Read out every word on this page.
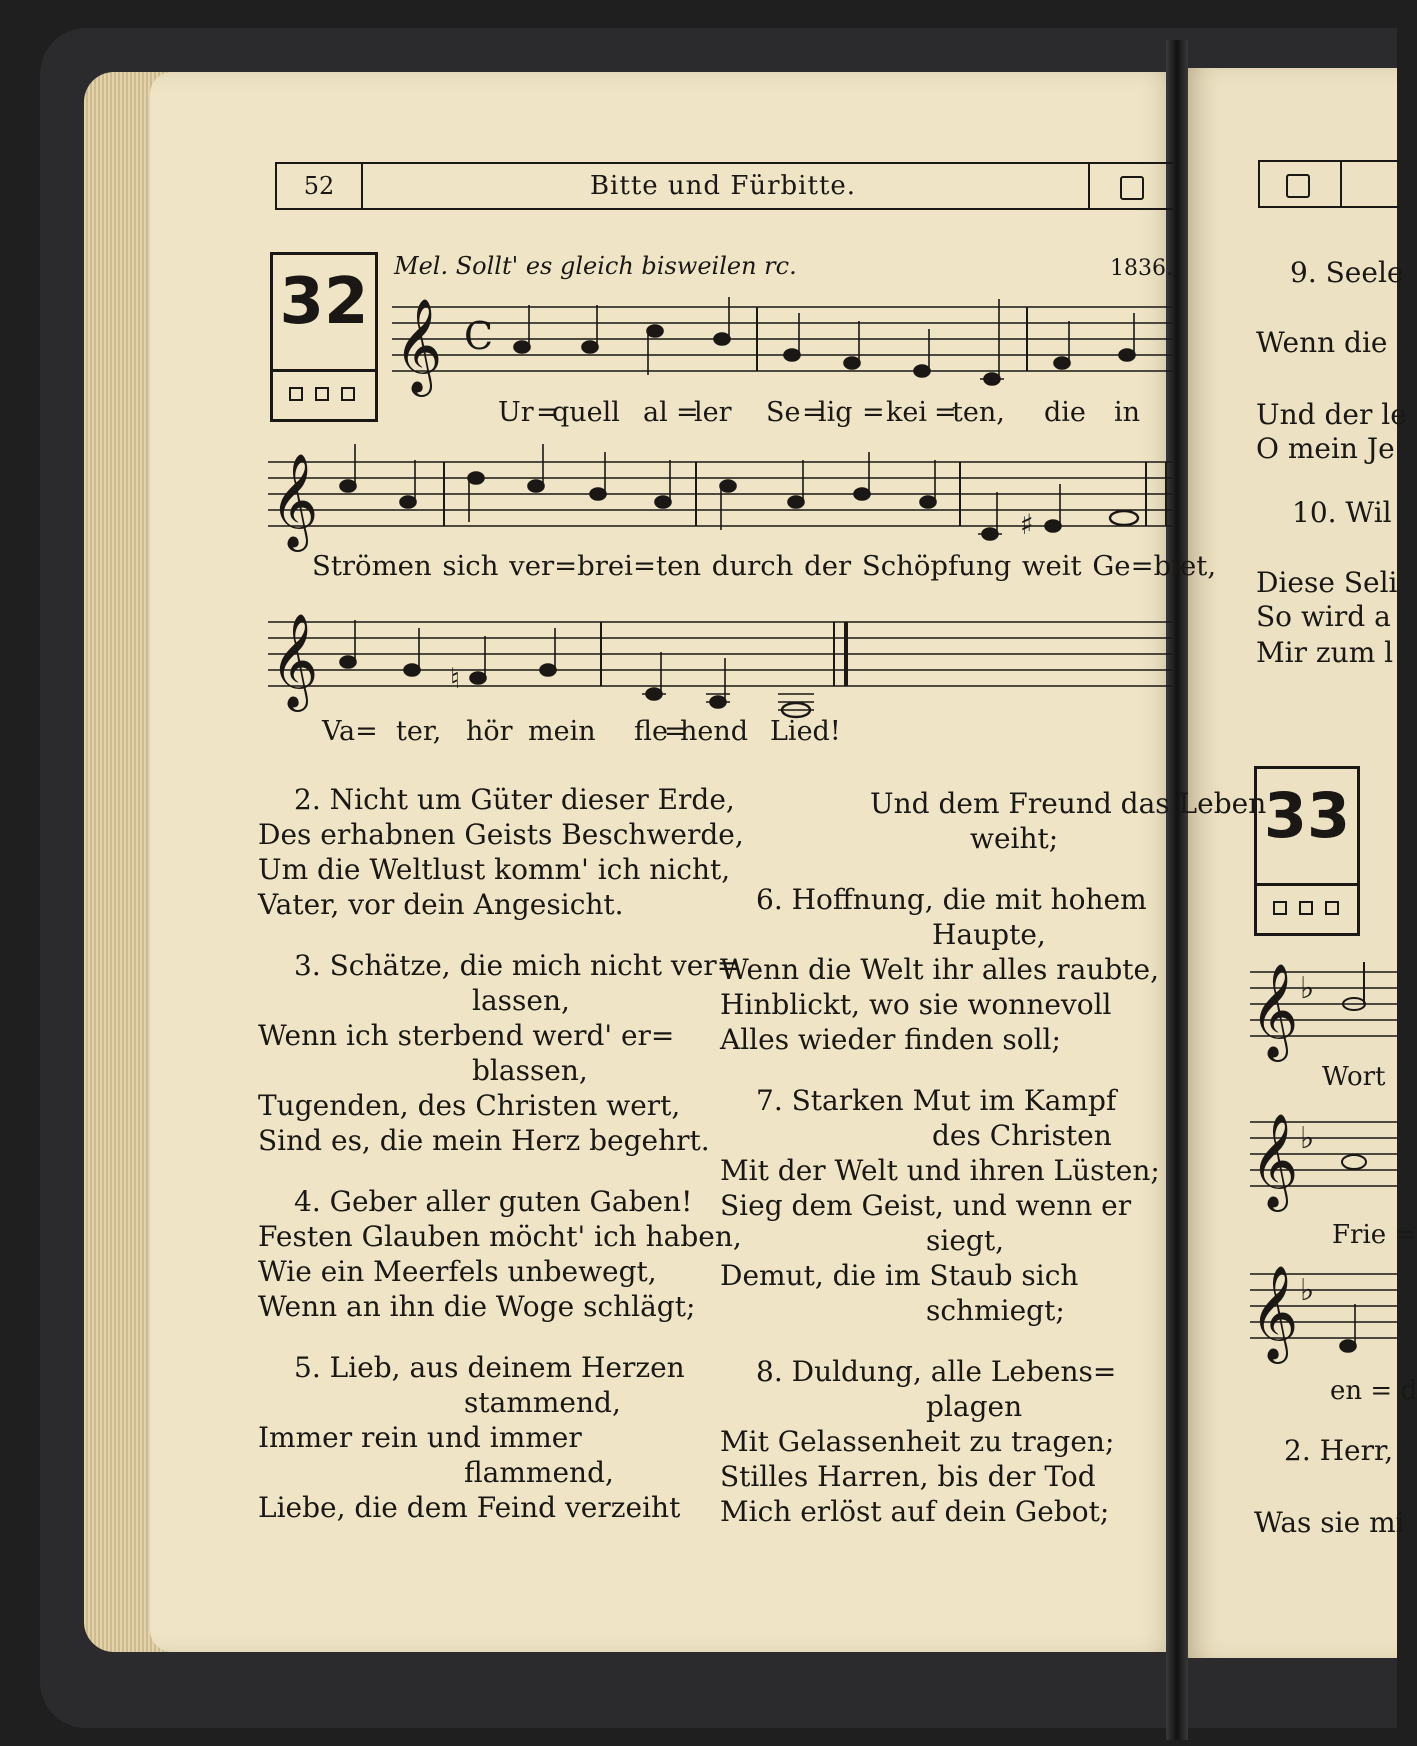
52	Bitte und Fürbitte.
32 Mel. Sollt' es gleich bisweilen ⁠rc.	1836.
𝄞 C
Ur =
quell al =
ler Se =
lig = kei =
ten, die in
𝄞	♯
Strömen sich ver=brei=ten durch der Schöpfung weit Ge=biet,
𝄞	♮
Va= ter, hör mein fle
=
hend Lied!
2. Nicht um Güter dieser Erde,
Des erhabnen Geists Beschwerde,
Um die Weltlust komm' ich nicht,
Vater, vor dein Angesicht.
3. Schätze, die mich nicht ver=
lassen,
Wenn ich sterbend werd' er=
blassen,
Tugenden, des Christen wert,
Sind es, die mein Herz begehrt.
4. Geber aller guten Gaben!
Festen Glauben möcht' ich haben,
Wie ein Meerfels unbewegt,
Wenn an ihn die Woge schlägt;
5. Lieb, aus deinem Herzen
stammend,
Immer rein und immer
flammend,
Liebe, die dem Feind verzeiht
Und dem Freund das Leben
weiht;
6. Hoffnung, die mit hohem
Haupte,
Wenn die Welt ihr alles raubte,
Hinblickt, wo sie wonnevoll
Alles wieder finden soll;
7. Starken Mut im Kampf
des Christen
Mit der Welt und ihren Lüsten;
Sieg dem Geist, und wenn er
siegt,
Demut, die im Staub sich
schmiegt;
8. Duldung, alle Lebens=
plagen
Mit Gelassenheit zu tragen;
Stilles Harren, bis der Tod
Mich erlöst auf dein Gebot;
9. Seele
Wenn die
Und der le
O mein Je
10. Wil
Diese Seli
So wird a
Mir zum l
33
𝄞
𝄞
𝄞
♭
♭
♭
Wort
Frie =
en = d
2. Herr,
Was sie mi
